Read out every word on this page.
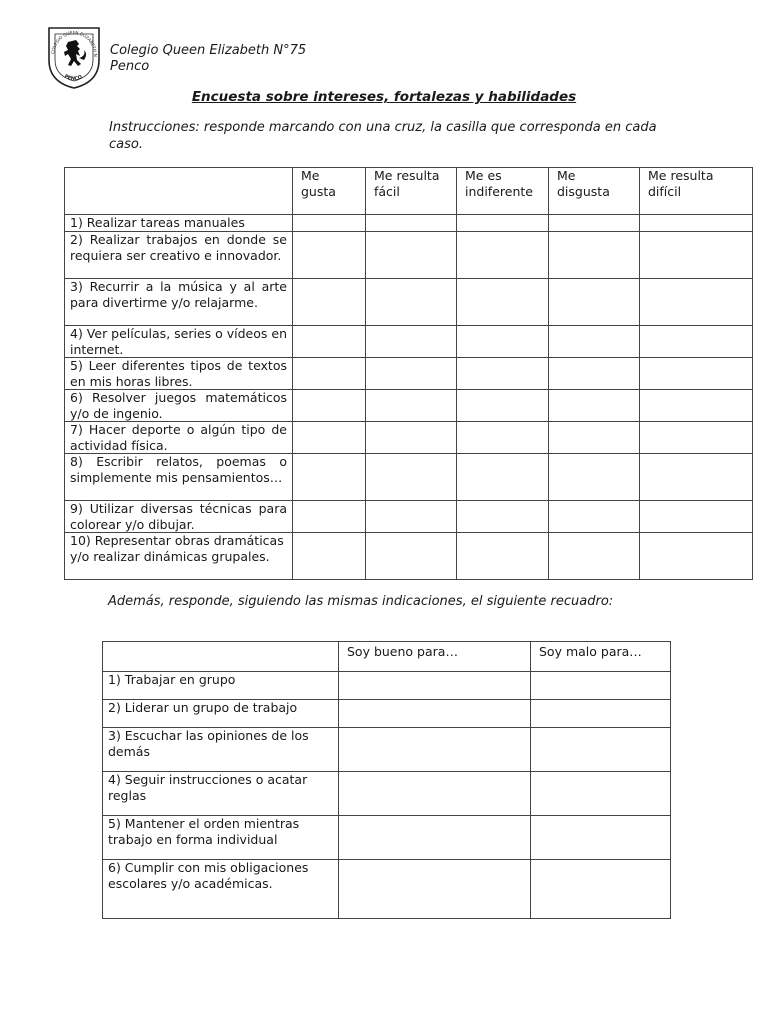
COLEGIO QUEEN ELIZABETH N
PENCO
Colegio Queen Elizabeth N°75
Penco
Encuesta sobre intereses, fortalezas y habilidades
Instrucciones: responde marcando con una cruz, la casilla que corresponda en cada caso.
	Me gusta	Me resulta fácil	Me es indiferente	Me disgusta	Me resulta difícil
1) Realizar tareas manuales					
2) Realizar trabajos en donde se requiera ser creativo e innovador.					
3) Recurrir a la música y al arte para divertirme y/o relajarme.					
4) Ver películas, series o vídeos en internet.					
5) Leer diferentes tipos de textos en mis horas libres.					
6) Resolver juegos matemáticos y/o de ingenio.					
7) Hacer deporte o algún tipo de actividad física.					
8) Escribir relatos, poemas o simplemente mis pensamientos…					
9) Utilizar diversas técnicas para colorear y/o dibujar.					
10) Representar obras dramáticas y/o realizar dinámicas grupales.					
Además, responde, siguiendo las mismas indicaciones, el siguiente recuadro:
	Soy bueno para…	Soy malo para…
1) Trabajar en grupo		
2) Liderar un grupo de trabajo		
3) Escuchar las opiniones de los demás		
4) Seguir instrucciones o acatar reglas		
5) Mantener el orden mientras trabajo en forma individual		
6) Cumplir con mis obligaciones escolares y/o académicas.		
